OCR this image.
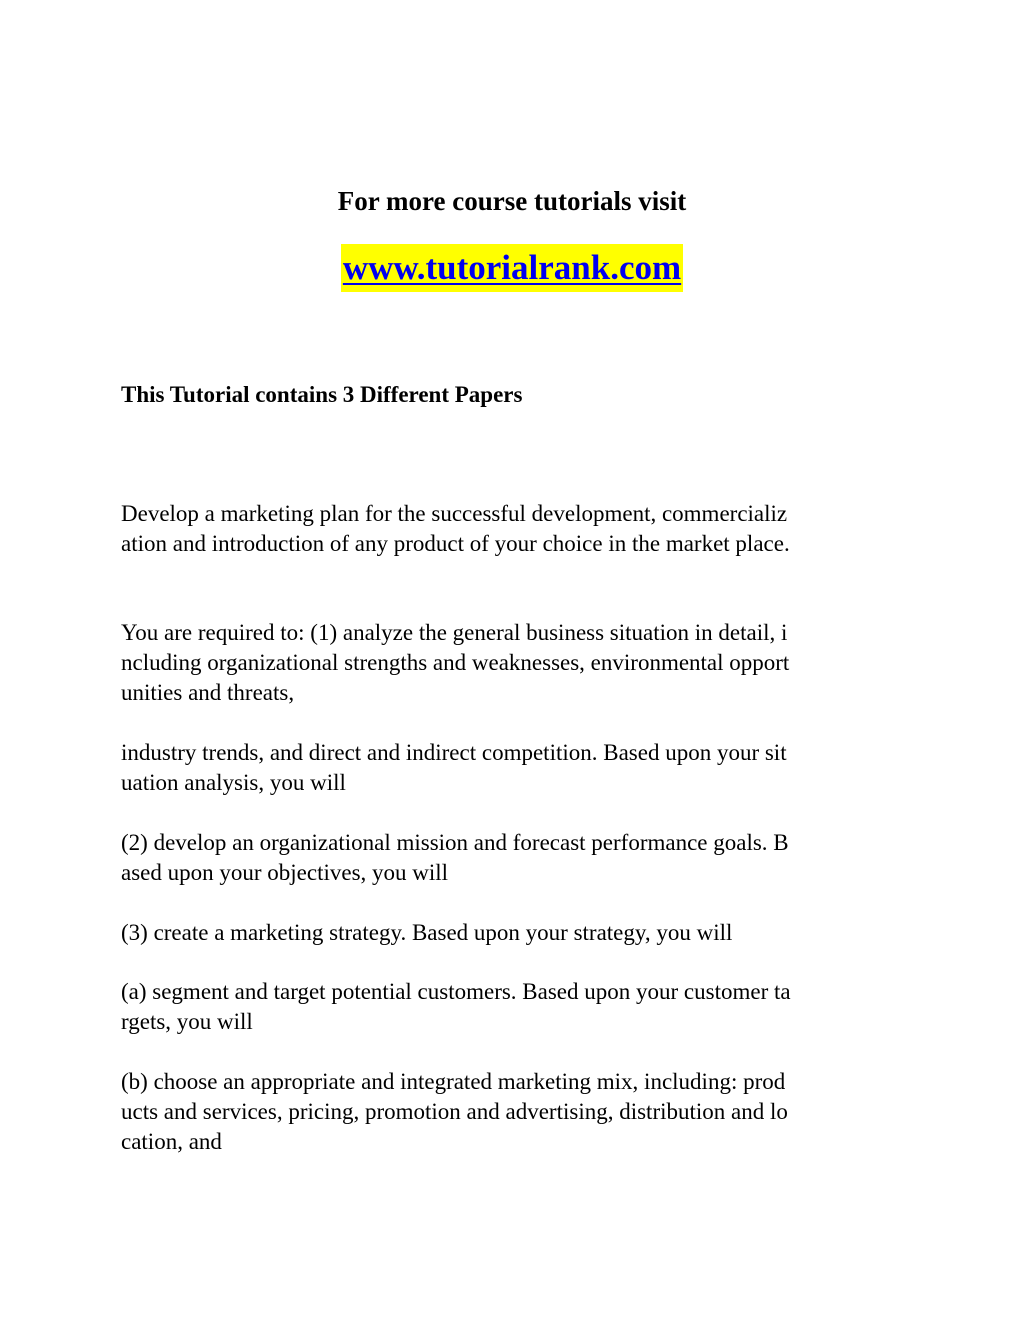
For more course tutorials visit
www.tutorialrank.com
This Tutorial contains 3 Different Papers
Develop a marketing plan for the successful development, commercializ
ation and introduction of any product of your choice in the market place.
You are required to: (1) analyze the general business situation in detail, i
ncluding organizational strengths and weaknesses, environmental opport
unities and threats,
industry trends, and direct and indirect competition. Based upon your sit
uation analysis, you will
(2) develop an organizational mission and forecast performance goals. B
ased upon your objectives, you will
(3) create a marketing strategy. Based upon your strategy, you will
(a) segment and target potential customers. Based upon your customer ta
rgets, you will
(b) choose an appropriate and integrated marketing mix, including: prod
ucts and services, pricing, promotion and advertising, distribution and lo
cation, and
